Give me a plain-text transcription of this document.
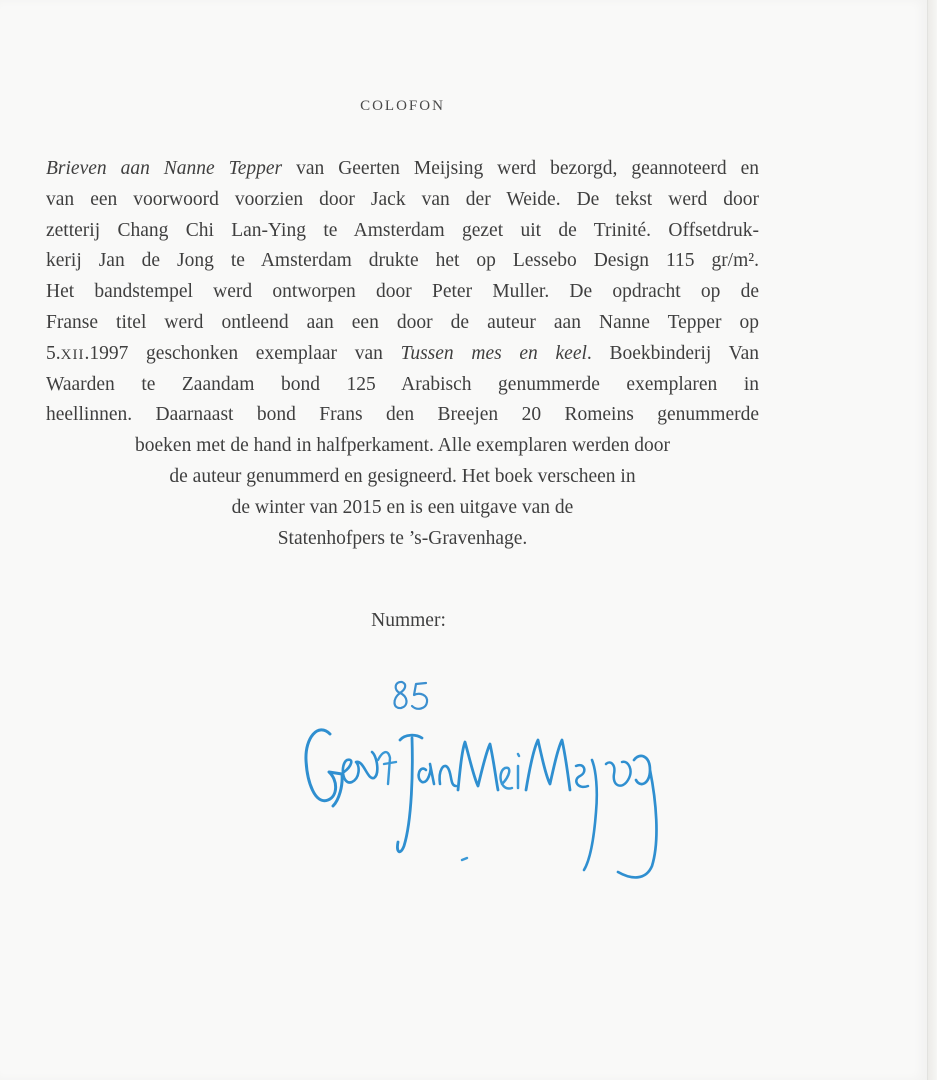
COLOFON
Brieven aan Nanne Tepper van Geerten Meijsing werd bezorgd, geannoteerd en
van een voorwoord voorzien door Jack van der Weide. De tekst werd door
zetterij Chang Chi Lan-Ying te Amsterdam gezet uit de Trinité. Offsetdruk-
kerij Jan de Jong te Amsterdam drukte het op Lessebo Design 115 gr/m².
Het bandstempel werd ontworpen door Peter Muller. De opdracht op de
Franse titel werd ontleend aan een door de auteur aan Nanne Tepper op
5.XII.1997 geschonken exemplaar van Tussen mes en keel. Boekbinderij Van
Waarden te Zaandam bond 125 Arabisch genummerde exemplaren in
heellinnen. Daarnaast bond Frans den Breejen 20 Romeins genummerde
boeken met de hand in halfperkament. Alle exemplaren werden door
de auteur genummerd en gesigneerd. Het boek verscheen in
de winter van 2015 en is een uitgave van de
Statenhofpers te ’s-Gravenhage.
Nummer:
